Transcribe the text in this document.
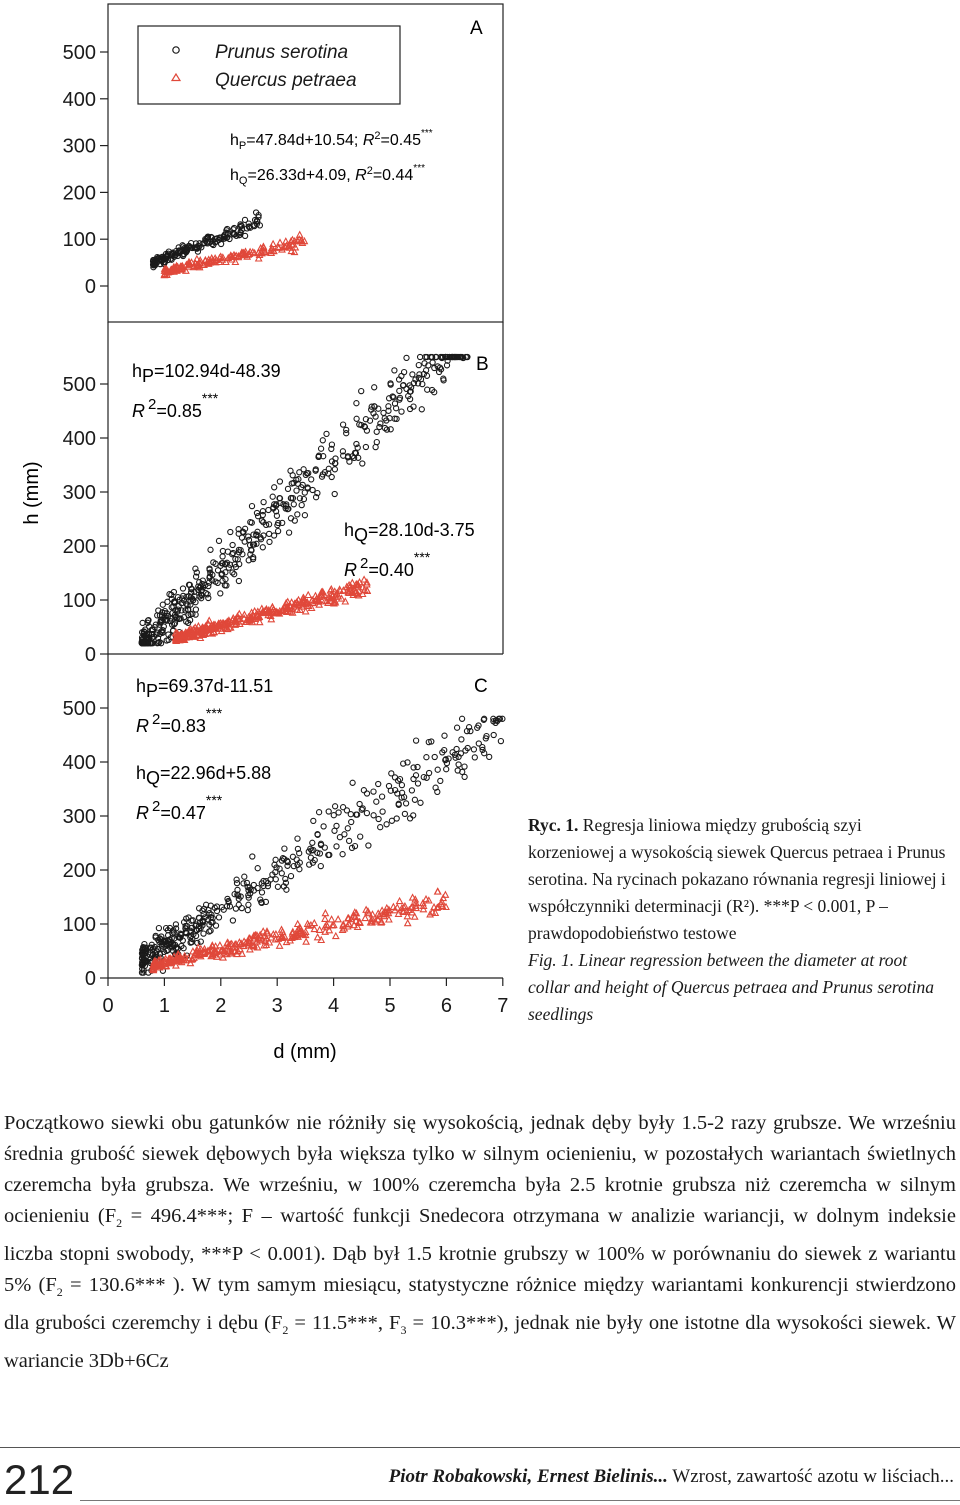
Prunus serotina
Quercus petraea
A
B
C
$h_P=47.84d+10.54$; $R^2=0.45^{***}$
$h_Q=26.33d+4.09$, $R^2=0.44^{***}$
hP=102.94d-48.39
R $^2$=0.85***
hQ=28.10d-3.75
R $^2$=0.40***
hP=69.37d-11.51
R $^2$=0.83***
hQ=22.96d+5.88
R $^2$=0.47***
h (mm)
d (mm)
0
100
200
300
400
500
0
100
200
300
400
500
0
100
200
300
400
500
0 1 2 3 4 5 6 7

Ryc. 1. Regresja liniowa między grubością szyi korzeniowej a wysokością siewek Quercus petraea i Prunus serotina. Na rycinach pokazano równania regresji liniowej i współczynniki determinacji (R²). ***P < 0.001, P – prawdopodobieństwo testowe

Fig. 1. Linear regression between the diameter at root collar and height of Quercus petraea and Prunus serotina seedlings

Początkowo siewki obu gatunków nie różniły się wysokością, jednak dęby były 1.5-2 razy grubsze. We wrześniu średnia grubość siewek dębowych była większa tylko w silnym ocienieniu, w pozostałych wariantach świetlnych czeremcha była grubsza. We wrześniu, w 100% czeremcha była 2.5 krotnie grubsza niż czeremcha w silnym ocienieniu ($F_2 = 496.4***$; F – wartość funkcji Snedecora otrzymana w analizie wariancji, w dolnym indeksie liczba stopni swobody, ***P < 0.001). Dąb był 1.5 krotnie grubszy w 100% w porównaniu do siewek z wariantu 5% ($F_2 = 130.6***$ ). W tym samym miesiącu, statystyczne różnice między wariantami konkurencji stwierdzono dla grubości czeremchy i dębu ($F_2 = 11.5***$, $F_3 = 10.3***$), jednak nie były one istotne dla wysokości siewek. W wariancie 3Db+6Cz

212	Piotr Robakowski, Ernest Bielinis... Wzrost, zawartość azotu w liściach...
